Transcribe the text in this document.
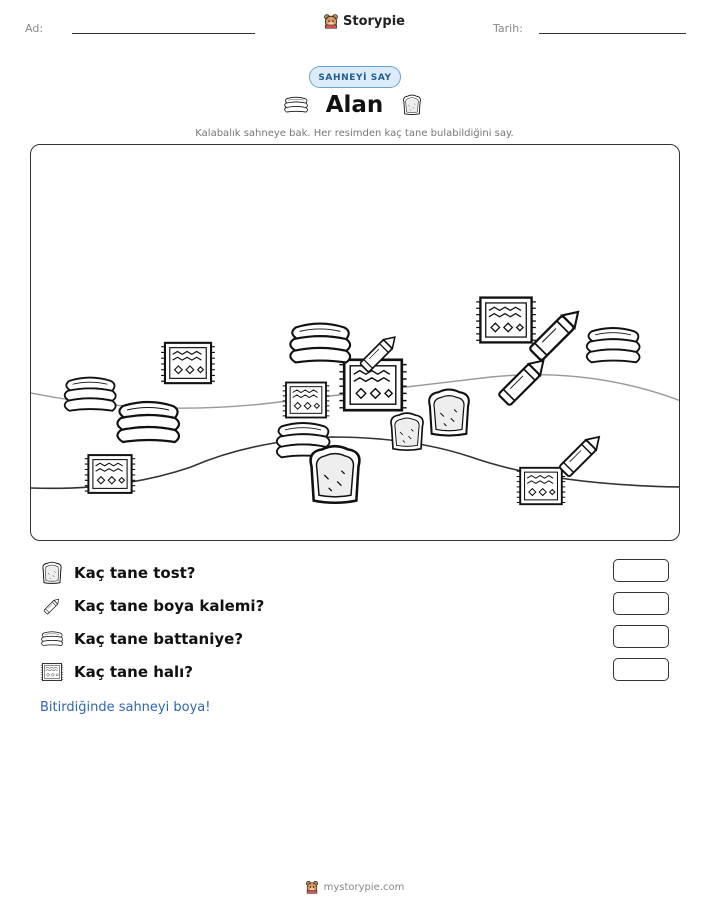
Ad:	Storypie	Tarih:
SAHNEYİ SAY
Alan
Kalabalık sahneye bak. Her resimden kaç tane bulabildiğini say.
Kaç tane tost?
Kaç tane boya kalemi?
Kaç tane battaniye?
Kaç tane halı?
Bitirdiğinde sahneyi boya!
mystorypie.com
